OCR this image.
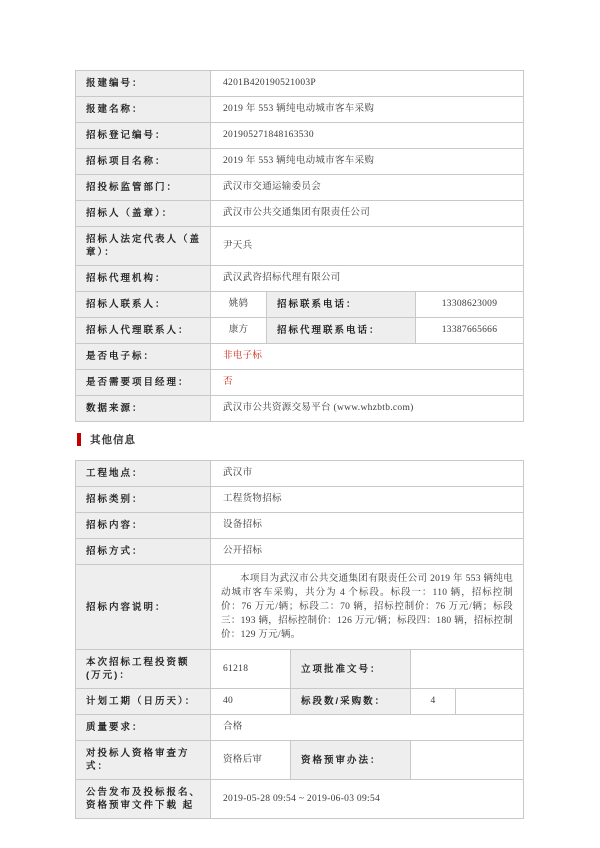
报建编号：	4201B420190521003P		
报建名称：	2019 年 553 辆纯电动城市客车采购		
招标登记编号：	201905271848163530		
招标项目名称：	2019 年 553 辆纯电动城市客车采购		
招投标监管部门：	武汉市交通运输委员会		
招标人（盖章）：	武汉市公共交通集团有限责任公司		
招标人法定代表人（盖章）：	尹天兵		
招标代理机构：	武汉武咨招标代理有限公司		
招标人联系人：	姚鸫	招标联系电话：	13308623009
招标人代理联系人：	康方	招标代理联系电话：	13387665666
是否电子标：	非电子标		
是否需要项目经理：	否		
数据来源：	武汉市公共资源交易平台 (www.whzbtb.com)		
其他信息
工程地点：	武汉市			
招标类别：	工程货物招标			
招标内容：	设备招标			
招标方式：	公开招标			
招标内容说明：	本项目为武汉市公共交通集团有限责任公司 2019 年 553 辆纯电动城市客车采购，共分为 4 个标段。标段一：110 辆，招标控制价：76 万元/辆；标段二：70 辆，招标控制价：76 万元/辆；标段三：193 辆，招标控制价：126 万元/辆；标段四：180 辆，招标控制价：129 万元/辆。			
本次招标工程投资额(万元)：	61218	立项批准文号：		
计划工期（日历天）：	40	标段数/采购数：	4	
质量要求：	合格			
对投标人资格审查方式：	资格后审	资格预审办法：		
公告发布及投标报名、资格预审文件下载 起	2019-05-28 09:54 ~ 2019-06-03 09:54			
